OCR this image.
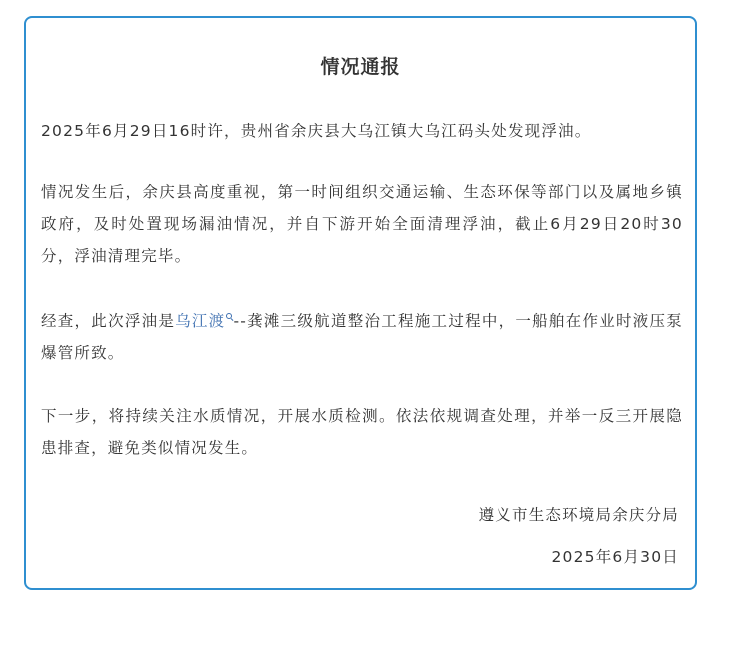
情况通报

2025年6月29日16时许，贵州省余庆县大乌江镇大乌江码头处发现浮油。

情况发生后，余庆县高度重视，第一时间组织交通运输、生态环保等部门以及属地乡镇政府，及时处置现场漏油情况，并自下游开始全面清理浮油，截止6月29日20时30分，浮油清理完毕。

经查，此次浮油是乌江渡 --龚滩三级航道整治工程施工过程中，一船舶在作业时液压泵爆管所致。

下一步，将持续关注水质情况，开展水质检测。依法依规调查处理，并举一反三开展隐患排查，避免类似情况发生。

遵义市生态环境局余庆分局
2025年6月30日
